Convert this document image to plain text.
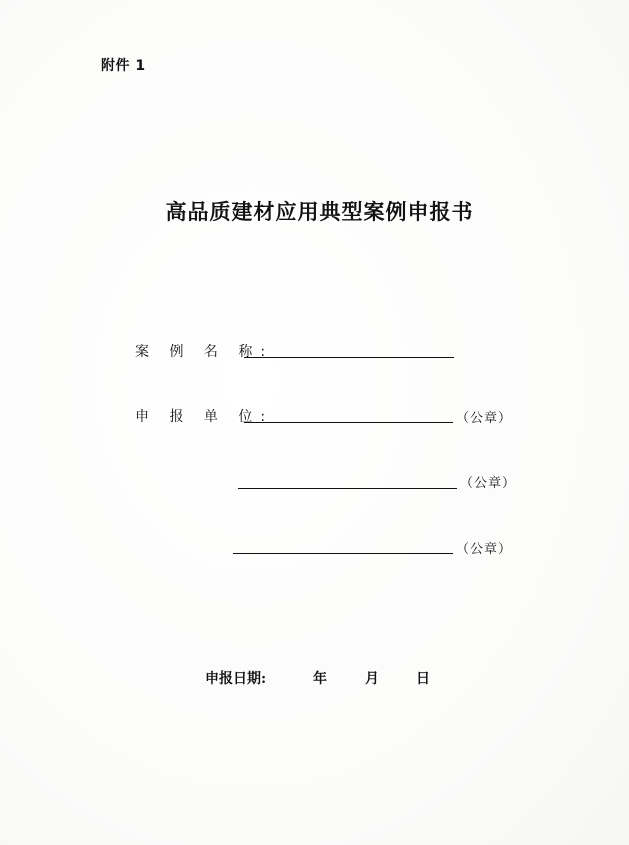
附件 1
高品质建材应用典型案例申报书
案 例 名 称:
申 报 单 位:	（公章）
（公章）
（公章）
申报日期:	年	月	日
